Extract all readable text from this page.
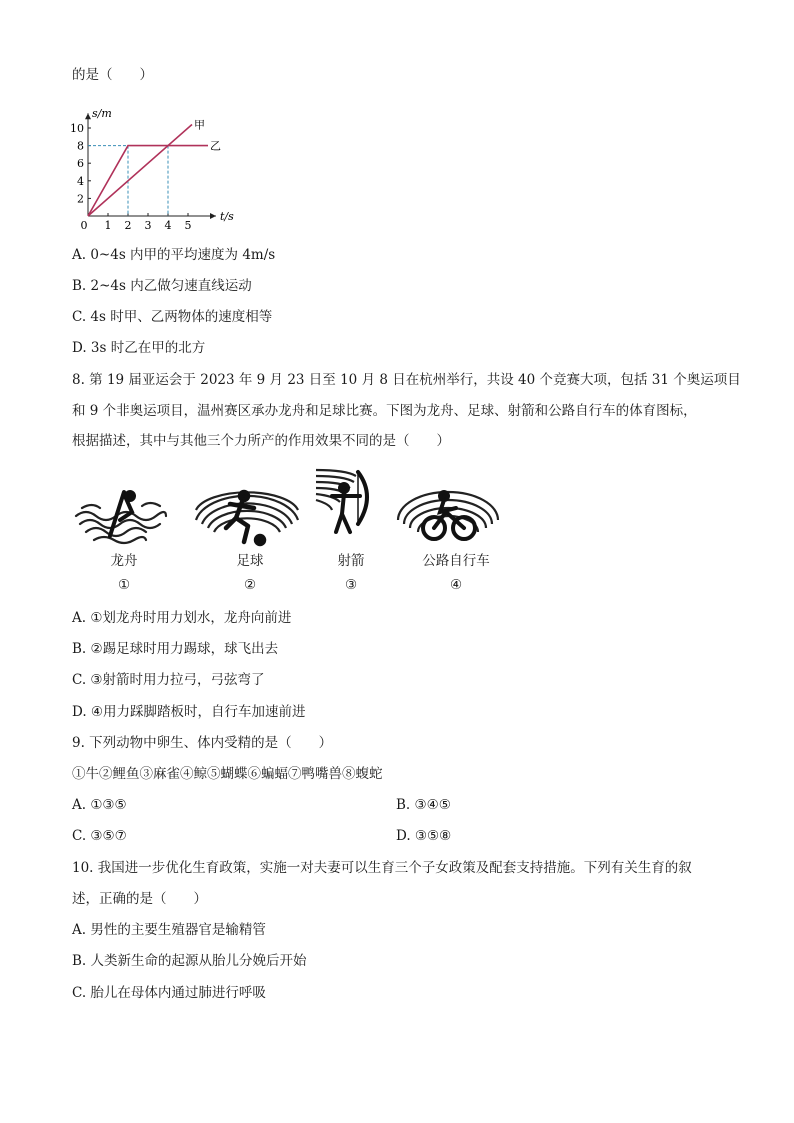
的是（　　）
t/s
s/m
0 1 2 3 4 5
2
4
6
8
10	甲
乙
A. 0~4s 内甲的平均速度为 4m/s
B. 2~4s 内乙做匀速直线运动
C. 4s 时甲、乙两物体的速度相等
D. 3s 时乙在甲的北方
8. 第 19 届亚运会于 2023 年 9 月 23 日至 10 月 8 日在杭州举行，共设 40 个竞赛大项，包括 31 个奥运项目
和 9 个非奥运项目，温州赛区承办龙舟和足球比赛。下图为龙舟、足球、射箭和公路自行车的体育图标，
根据描述，其中与其他三个力所产的作用效果不同的是（　　）
龙舟
①
足球
②
射箭
③
公路自行车
④
A. ①划龙舟时用力划水，龙舟向前进
B. ②踢足球时用力踢球，球飞出去
C. ③射箭时用力拉弓，弓弦弯了
D. ④用力踩脚踏板时，自行车加速前进
9. 下列动物中卵生、体内受精的是（　　）
①牛②鲤鱼③麻雀④鲸⑤蝴蝶⑥蝙蝠⑦鸭嘴兽⑧蝮蛇
A. ①③⑤	B. ③④⑤
C. ③⑤⑦	D. ③⑤⑧
10. 我国进一步优化生育政策，实施一对夫妻可以生育三个子女政策及配套支持措施。下列有关生育的叙
述，正确的是（　　）
A. 男性的主要生殖器官是输精管
B. 人类新生命的起源从胎儿分娩后开始
C. 胎儿在母体内通过肺进行呼吸
